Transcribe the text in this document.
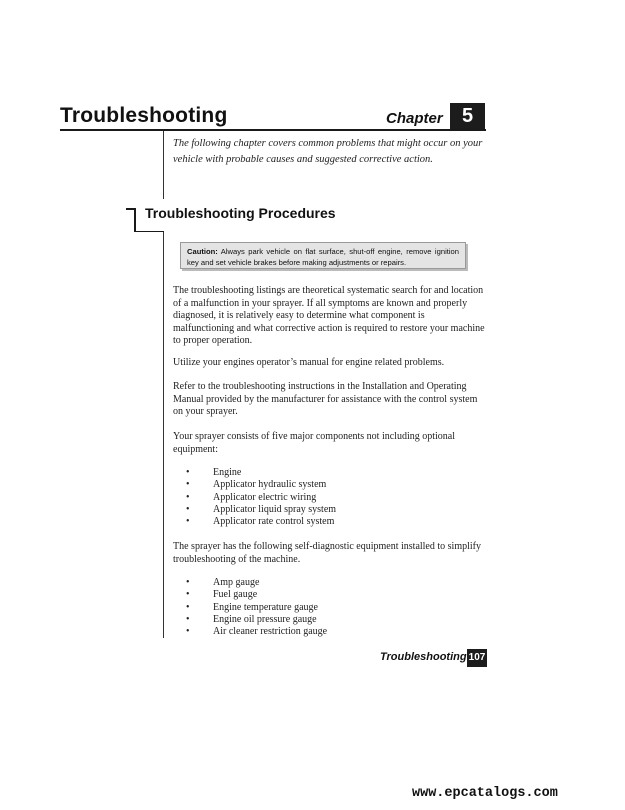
Troubleshooting	Chapter 5
The following chapter covers common problems that might occur on your vehicle with probable causes and suggested corrective action.
Troubleshooting Procedures
Caution: Always park vehicle on flat surface, shut-off engine, remove ignition key and set vehicle brakes before making adjustments or repairs.
The troubleshooting listings are theoretical systematic search for and location of a malfunction in your sprayer. If all symptoms are known and properly diagnosed, it is relatively easy to determine what component is malfunctioning and what corrective action is required to restore your machine to proper operation.
Utilize your engines operator’s manual for engine related problems.
Refer to the troubleshooting instructions in the Installation and Operating Manual provided by the manufacturer for assistance with the control system on your sprayer.
Your sprayer consists of five major components not including optional equipment:
• Engine
• Applicator hydraulic system
• Applicator electric wiring
• Applicator liquid spray system
• Applicator rate control system
The sprayer has the following self-diagnostic equipment installed to simplify troubleshooting of the machine.
• Amp gauge
• Fuel gauge
• Engine temperature gauge
• Engine oil pressure gauge
• Air cleaner restriction gauge
Troubleshooting 107
www.epcatalogs.com
